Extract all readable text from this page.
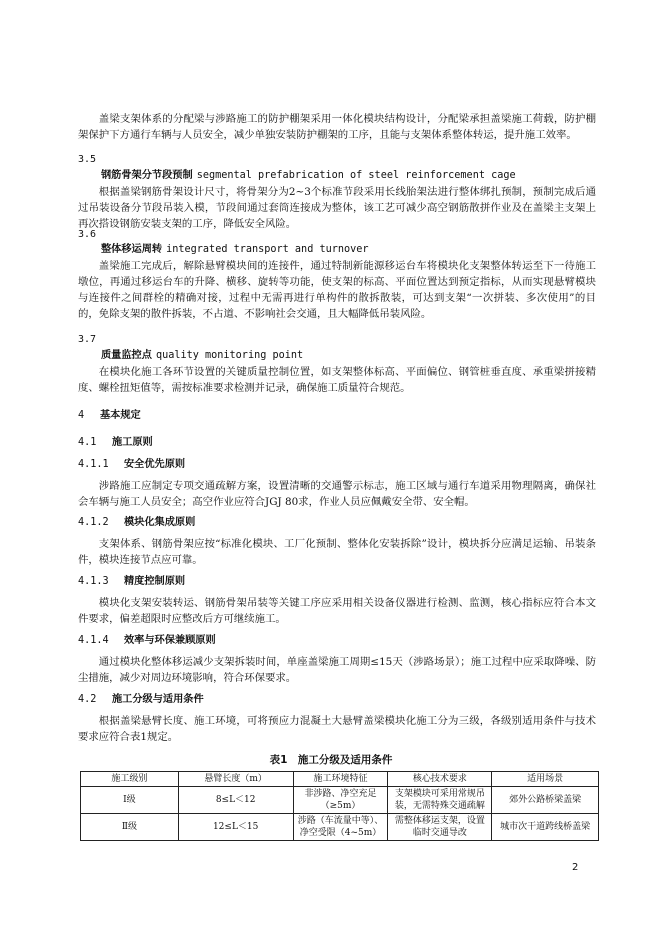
盖梁支架体系的分配梁与涉路施工的防护棚架采用一体化模块结构设计，分配梁承担盖梁施工荷载，防护棚架保护下方通行车辆与人员安全，减少单独安装防护棚架的工序，且能与支架体系整体转运，提升施工效率。

3.5
钢筋骨架分节段预制 segmental prefabrication of steel reinforcement cage

根据盖梁钢筋骨架设计尺寸，将骨架分为2~3个标准节段采用长线胎架法进行整体绑扎预制，预制完成后通过吊装设备分节段吊装入模，节段间通过套筒连接成为整体，该工艺可减少高空钢筋散拼作业及在盖梁主支架上再次搭设钢筋安装支架的工序，降低安全风险。

3.6
整体移运周转 integrated transport and turnover

盖梁施工完成后，解除悬臂模块间的连接件，通过特制新能源移运台车将模块化支架整体转运至下一待施工墩位，再通过移运台车的升降、横移、旋转等功能，使支架的标高、平面位置达到预定指标，从而实现悬臂模块与连接件之间群栓的精确对接，过程中无需再进行单构件的散拆散装，可达到支架“一次拼装、多次使用”的目的，免除支架的散件拆装，不占道、不影响社会交通，且大幅降低吊装风险。

3.7
质量监控点 quality monitoring point

在模块化施工各环节设置的关键质量控制位置，如支架整体标高、平面偏位、钢管桩垂直度、承重梁拼接精度、螺栓扭矩值等，需按标准要求检测并记录，确保施工质量符合规范。

4 基本规定
4.1 施工原则
4.1.1 安全优先原则

涉路施工应制定专项交通疏解方案，设置清晰的交通警示标志，施工区域与通行车道采用物理隔离，确保社会车辆与施工人员安全；高空作业应符合JGJ 80求，作业人员应佩戴安全带、安全帽。

4.1.2 模块化集成原则

支架体系、钢筋骨架应按“标准化模块、工厂化预制、整体化安装拆除”设计，模块拆分应满足运输、吊装条件，模块连接节点应可靠。

4.1.3 精度控制原则

模块化支架安装转运、钢筋骨架吊装等关键工序应采用相关设备仪器进行检测、监测，核心指标应符合本文件要求，偏差超限时应整改后方可继续施工。

4.1.4 效率与环保兼顾原则

通过模块化整体移运减少支架拆装时间，单座盖梁施工周期≤15天（涉路场景）；施工过程中应采取降噪、防尘措施，减少对周边环境影响，符合环保要求。

4.2 施工分级与适用条件

根据盖梁悬臂长度、施工环境，可将预应力混凝土大悬臂盖梁模块化施工分为三级，各级别适用条件与技术要求应符合表1规定。

表1　施工分级及适用条件
施工级别	悬臂长度（m）	施工环境特征	核心技术要求	适用场景
Ⅰ级	8≤L＜12	非涉路、净空充足（≥5m）	支架模块可采用常规吊装，无需特殊交通疏解	郊外公路桥梁盖梁
Ⅱ级	12≤L＜15	涉路（车流量中等）、净空受限（4~5m）	需整体移运支架，设置临时交通导改	城市次干道跨线桥盖梁
2
